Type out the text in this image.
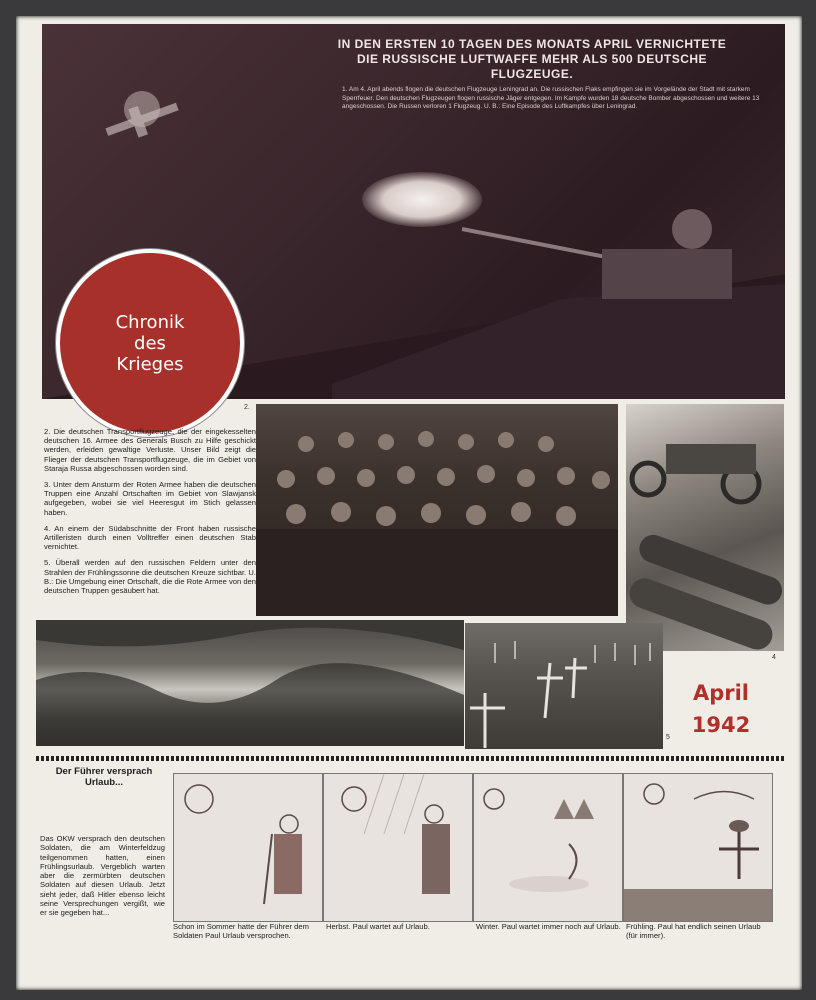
IN DEN ERSTEN 10 TAGEN DES MONATS APRIL VERNICHTETE DIE RUSSISCHE LUFTWAFFE MEHR ALS 500 DEUTSCHE FLUGZEUGE.
1. Am 4. April abends flogen die deutschen Flugzeuge Leningrad an. Die russischen Flaks empfingen sie im Vorgelände der Stadt mit starkem Sperrfeuer. Den deutschen Flugzeugen flogen russische Jäger entgegen. Im Kampfe wurden 18 deutsche Bomber abgeschossen und weitere 13 angeschossen. Die Russen verloren 1 Flugzeug. U. B.: Eine Episode des Luftkampfes über Leningrad.
Chronik
des
Krieges
2.

2. Die deutschen Transportflugzeuge, die der eingekesselten deutschen 16. Armee des Generals Busch zu Hilfe geschickt werden, erleiden gewaltige Verluste. Unser Bild zeigt die Flieger der deutschen Transportflugzeuge, die im Gebiet von Staraja Russa abgeschossen worden sind.

3. Unter dem Ansturm der Roten Armee haben die deutschen Truppen eine Anzahl Ortschaften im Gebiet von Slawjansk aufgegeben, wobei sie viel Heeresgut im Stich gelassen haben.

4. An einem der Südabschnitte der Front haben russische Artilleristen durch einen Volltreffer einen deutschen Stab vernichtet.

5. Überall werden auf den russischen Feldern unter den Strahlen der Frühlingssonne die deutschen Kreuze sichtbar. U. B.: Die Umgebung einer Ortschaft, die die Rote Armee von den deutschen Truppen gesäubert hat.

4
5
April
1942
Der Führer versprach Urlaub...
Das OKW versprach den deutschen Soldaten, die am Winterfeldzug teilgenommen hatten, einen Frühlingsurlaub. Vergeblich warten aber die zermürbten deutschen Soldaten auf diesen Urlaub. Jetzt sieht jeder, daß Hitler ebenso leicht seine Versprechungen vergißt, wie er sie gegeben hat...
Schon im Sommer hatte der Führer dem Soldaten Paul Urlaub versprochen.
Herbst. Paul wartet auf Urlaub.	Winter. Paul wartet immer noch auf Urlaub. Frühling. Paul hat endlich seinen Urlaub (für immer).
